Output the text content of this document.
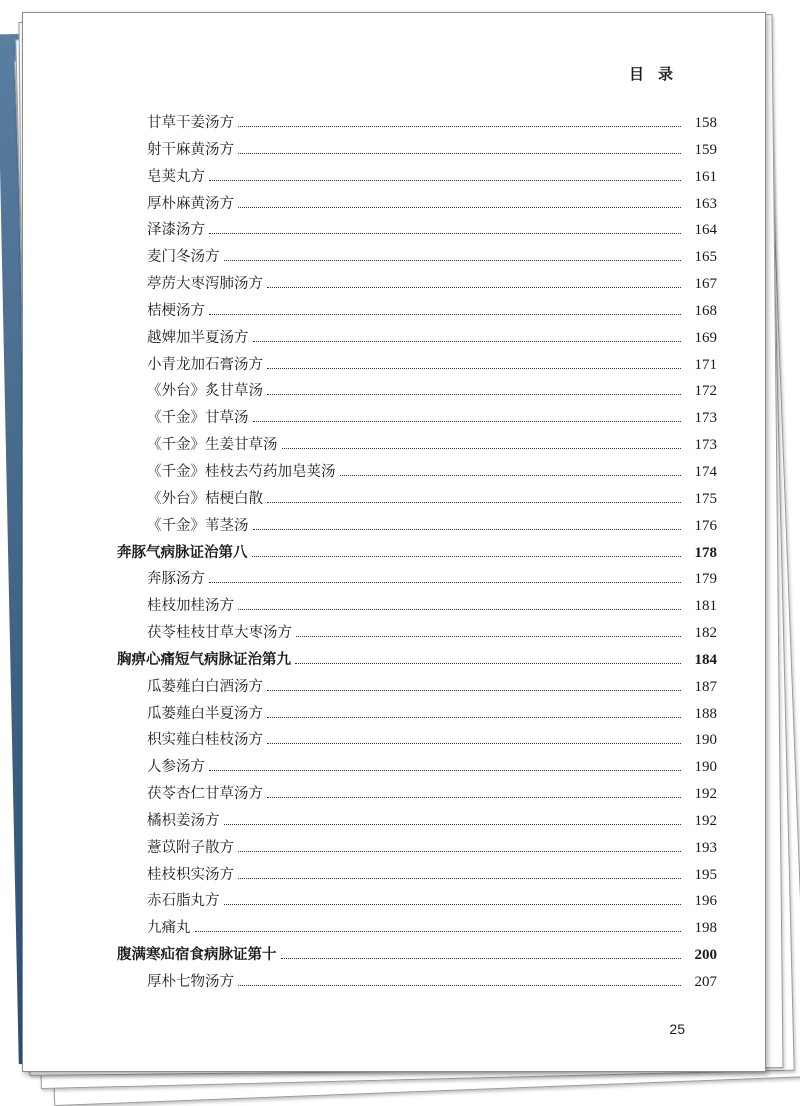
目录
甘草干姜汤方	158
射干麻黄汤方	159
皂荚丸方	161
厚朴麻黄汤方	163
泽漆汤方	164
麦门冬汤方	165
葶苈大枣泻肺汤方	167
桔梗汤方	168
越婢加半夏汤方	169
小青龙加石膏汤方	171
《外台》炙甘草汤	172
《千金》甘草汤	173
《千金》生姜甘草汤	173
《千金》桂枝去芍药加皂荚汤	174
《外台》桔梗白散	175
《千金》苇茎汤	176
奔豚气病脉证治第八	178
奔豚汤方	179
桂枝加桂汤方	181
茯苓桂枝甘草大枣汤方	182
胸痹心痛短气病脉证治第九	184
瓜蒌薤白白酒汤方	187
瓜蒌薤白半夏汤方	188
枳实薤白桂枝汤方	190
人参汤方	190
茯苓杏仁甘草汤方	192
橘枳姜汤方	192
薏苡附子散方	193
桂枝枳实汤方	195
赤石脂丸方	196
九痛丸	198
腹满寒疝宿食病脉证第十	200
厚朴七物汤方	207
25
